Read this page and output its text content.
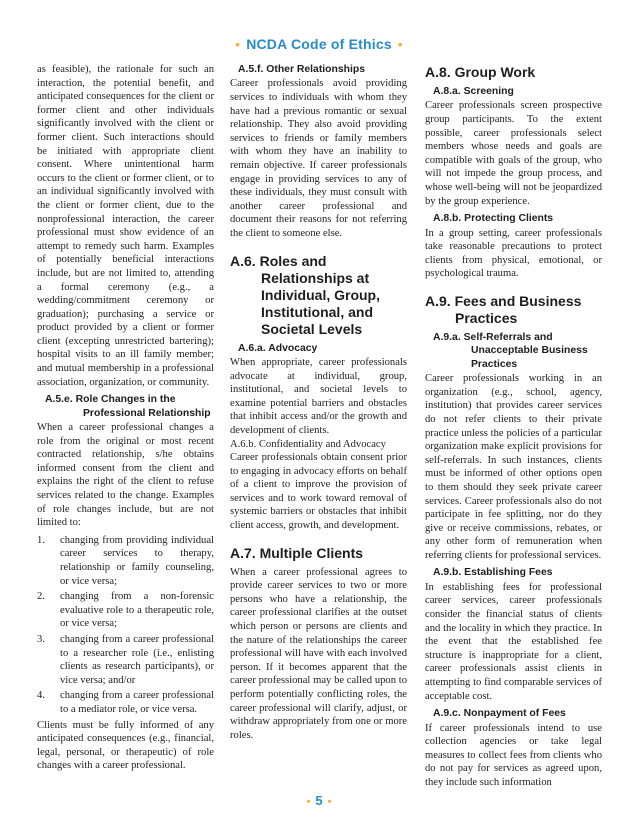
• NCDA Code of Ethics •

as feasible), the rationale for such an interaction, the potential benefit, and anticipated consequences for the client or former client and other individuals significantly involved with the client or former client. Such interactions should be initiated with appropriate client consent. Where unintentional harm occurs to the client or former client, or to an individual significantly involved with the client or former client, due to the nonprofessional interaction, the career professional must show evidence of an attempt to remedy such harm. Examples of potentially beneficial interactions include, but are not limited to, attending a formal ceremony (e.g., a wedding/commitment ceremony or graduation); purchasing a service or product provided by a client or former client (excepting unrestricted bartering); hospital visits to an ill family member; and mutual membership in a professional association, organization, or community.

A.5.e. Role Changes in the
Professional Relationship

When a career professional changes a role from the original or most recent contracted relationship, s/he obtains informed consent from the client and explains the right of the client to refuse services related to the change. Examples of role changes include, but are not limited to:

1. changing from providing individual career services to therapy, relationship or family counseling, or vice versa;
2. changing from a non-forensic evaluative role to a therapeutic role, or vice versa;
3. changing from a career professional to a researcher role (i.e., enlisting clients as research participants), or vice versa; and/or
4. changing from a career professional to a mediator role, or vice versa.

Clients must be fully informed of any anticipated consequences (e.g., financial, legal, personal, or therapeutic) of role changes with a career professional.

A.5.f. Other Relationships

Career professionals avoid providing services to individuals with whom they have had a previous romantic or sexual relationship. They also avoid providing services to friends or family members with whom they have an inability to remain objective. If career professionals engage in providing services to any of these individuals, they must consult with another career professional and document their reasons for not referring the client to someone else.

A.6. Roles and
Relationships at
Individual, Group,
Institutional, and
Societal Levels
A.6.a. Advocacy

When appropriate, career professionals advocate at individual, group, institutional, and societal levels to examine potential barriers and obstacles that inhibit access and/or the growth and development of clients.

A.6.b. Confidentiality and Advocacy

Career professionals obtain consent prior to engaging in advocacy efforts on behalf of a client to improve the provision of services and to work toward removal of systemic barriers or obstacles that inhibit client access, growth, and development.

A.7. Multiple Clients

When a career professional agrees to provide career services to two or more persons who have a relationship, the career professional clarifies at the outset which person or persons are clients and the nature of the relationships the career professional will have with each involved person. If it becomes apparent that the career professional may be called upon to perform potentially conflicting roles, the career professional will clarify, adjust, or withdraw appropriately from one or more roles.

A.8. Group Work
A.8.a. Screening

Career professionals screen prospective group participants. To the extent possible, career professionals select members whose needs and goals are compatible with goals of the group, who will not impede the group process, and whose well-being will not be jeopardized by the group experience.

A.8.b. Protecting Clients

In a group setting, career professionals take reasonable precautions to protect clients from physical, emotional, or psychological trauma.

A.9. Fees and Business
Practices
A.9.a. Self-Referrals and
Unacceptable Business
Practices

Career professionals working in an organization (e.g., school, agency, institution) that provides career services do not refer clients to their private practice unless the policies of a particular organization make explicit provisions for self-referrals. In such instances, clients must be informed of other options open to them should they seek private career services. Career professionals also do not participate in fee splitting, nor do they give or receive commissions, rebates, or any other form of remuneration when referring clients for professional services.

A.9.b. Establishing Fees

In establishing fees for professional career services, career professionals consider the financial status of clients and the locality in which they practice. In the event that the established fee structure is inappropriate for a client, career professionals assist clients in attempting to find comparable services of acceptable cost.

A.9.c. Nonpayment of Fees

If career professionals intend to use collection agencies or take legal measures to collect fees from clients who do not pay for services as agreed upon, they include such information

• 5 •
